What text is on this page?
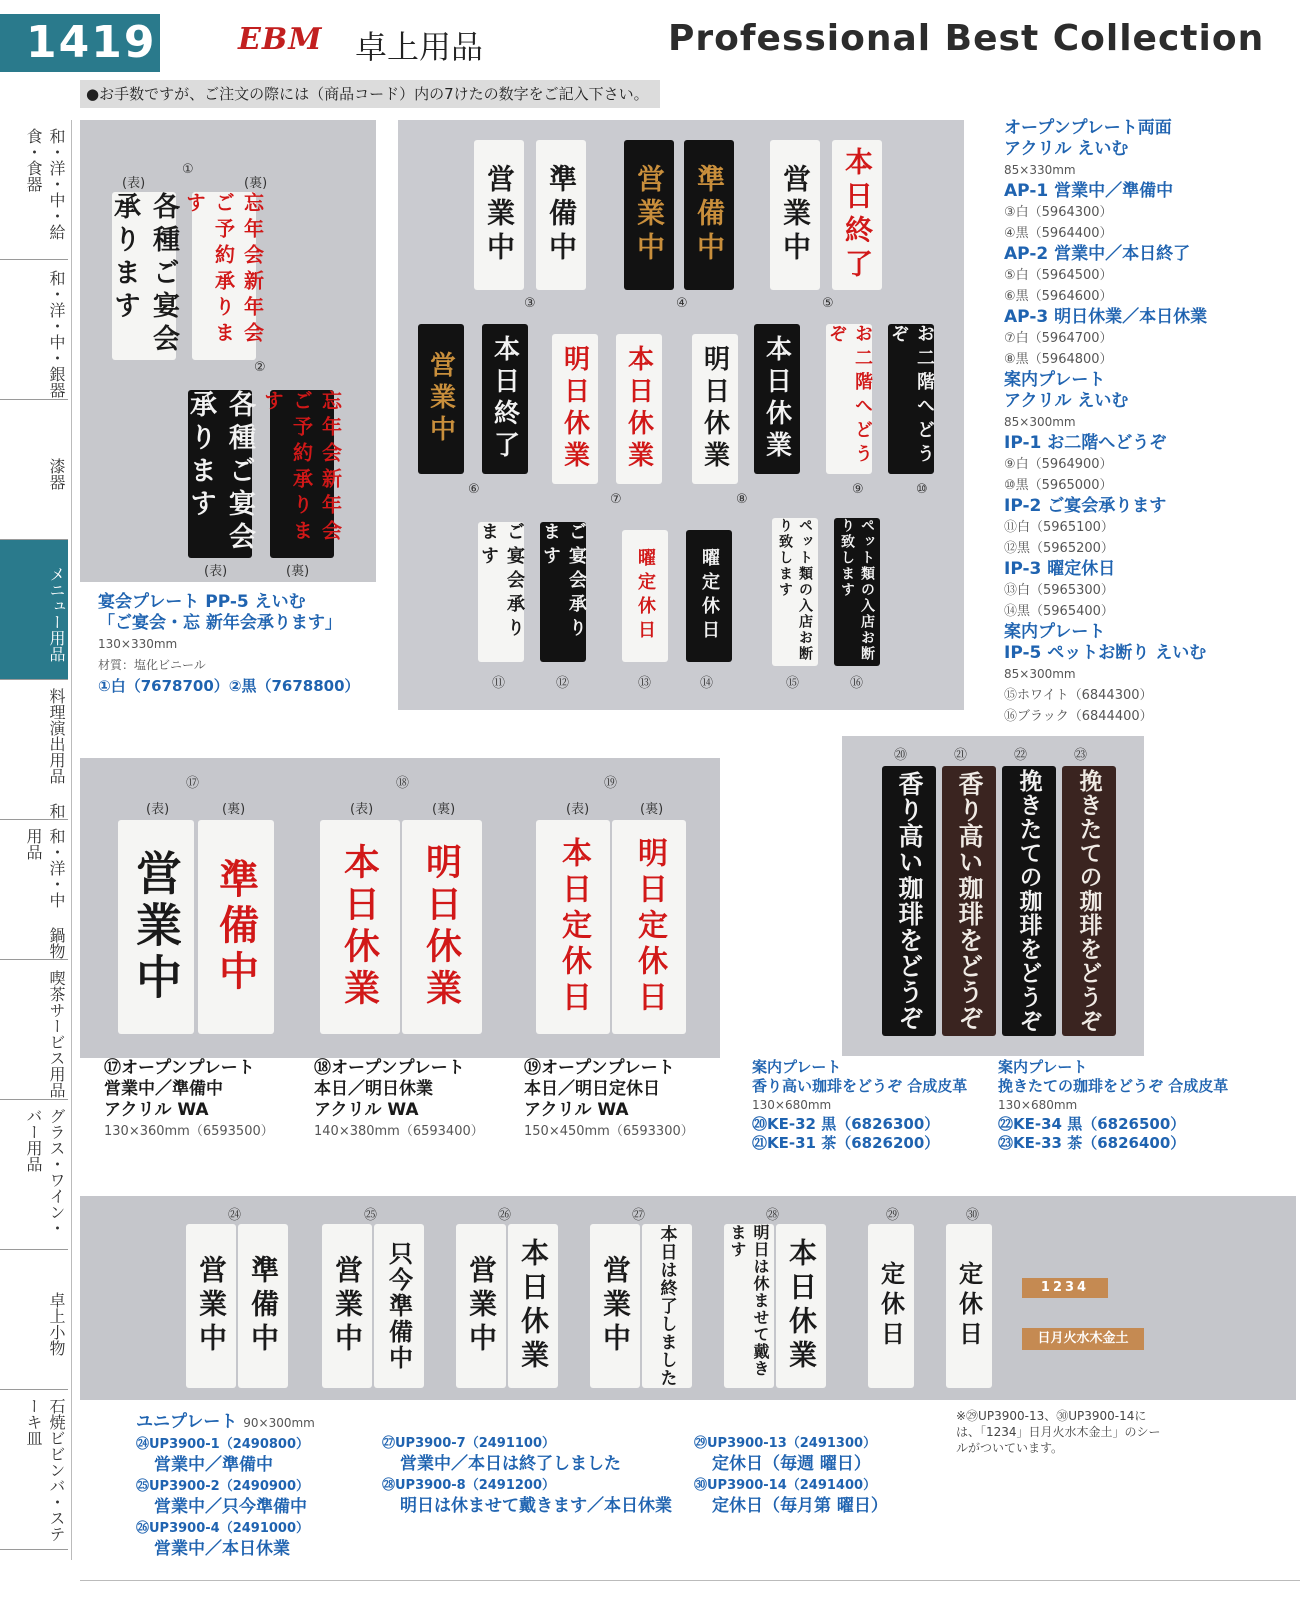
1419	EBM 卓上用品	Professional Best Collection
●お手数ですが、ご注文の際には（商品コード）内の7けたの数字をご記入下さい。
和・洋・中・給食・食器
和・洋・中・銀器
漆器
メニュー用品
料理演出用品 和
和・洋・中 鍋物用品
喫茶サービス用品
グラス・ワイン・バー用品
卓上小物
石焼ビビンバ・ステーキ皿
(表)
①
(裏)
各種ご宴会承ります	忘年会新年会ご予約承ります
②
各種ご宴会承ります	忘年会新年会ご予約承ります
(表)	(裏)
営業中	準備中	営業中 準備中	営業中	本日終了
③	④	⑤
営業中	本日終了	明日休業	本日休業	明日休業	本日休業	お二階へどうぞ	お二階へどうぞ
⑥
⑦	⑧
⑨	⑩
ご宴会承ります	ご宴会承ります
曜定休日	曜定休日	ペット類の入店お断り致します	ペット類の入店お断り致します
⑪	⑫	⑬	⑭	⑮	⑯
オープンプレート両面
アクリル えいむ
85×330mm
AP-1 営業中／準備中
③白（5964300）
④黒（5964400）
AP-2 営業中／本日終了
⑤白（5964500）
⑥黒（5964600）
AP-3 明日休業／本日休業
⑦白（5964700）
⑧黒（5964800）
案内プレート
アクリル えいむ
85×300mm
IP-1 お二階へどうぞ
⑨白（5964900）
⑩黒（5965000）
IP-2 ご宴会承ります
⑪白（5965100）
⑫黒（5965200）
IP-3 曜定休日
⑬白（5965300）
⑭黒（5965400）
案内プレート
IP-5 ペットお断り えいむ
85×300mm
⑮ホワイト（6844300）
⑯ブラック（6844400）
宴会プレート PP-5 えいむ
「ご宴会・忘 新年会承ります」
130×330mm
材質：塩化ビニール
①白（7678700）②黒（7678800）
⑰	⑱	⑲
(表)	(裏)	(表)	(裏)	(表)	(裏)
営業中 準備中	本日休業	明日休業	本日定休日	明日定休日
⑳	㉑	㉒	㉓
香り高い珈琲をどうぞ	香り高い珈琲をどうぞ	挽きたての珈琲をどうぞ	挽きたての珈琲をどうぞ
⑰オープンプレート
営業中／準備中
アクリル WA
130×360mm（6593500）
⑱オープンプレート
本日／明日休業
アクリル WA
140×380mm（6593400）
⑲オープンプレート
本日／明日定休日
アクリル WA
150×450mm（6593300）
案内プレート
香り高い珈琲をどうぞ 合成皮革
130×680mm
⑳KE-32 黒（6826300）
㉑KE-31 茶（6826200）
案内プレート
挽きたての珈琲をどうぞ 合成皮革
130×680mm
㉒KE-34 黒（6826500）
㉓KE-33 茶（6826400）
㉔	㉕	㉖	㉗	㉘	㉙	㉚
営業中 準備中	営業中 只今準備中	営業中 本日休業	営業中	本日は終了しました	明日は休ませて戴きます	本日休業	定休日	定休日	1234
日月火水木金土
ユニプレート 90×300mm
㉔UP3900-1（2490800）
営業中／準備中
㉕UP3900-2（2490900）
営業中／只今準備中
㉖UP3900-4（2491000）
営業中／本日休業
㉗UP3900-7（2491100）
営業中／本日は終了しました
㉘UP3900-8（2491200）
明日は休ませて戴きます／本日休業
㉙UP3900-13（2491300）
定休日（毎週 曜日）
㉚UP3900-14（2491400）
定休日（毎月第 曜日）
※㉙UP3900-13、㉚UP3900-14には、「1234」日月火水木金土」のシールがついています。
